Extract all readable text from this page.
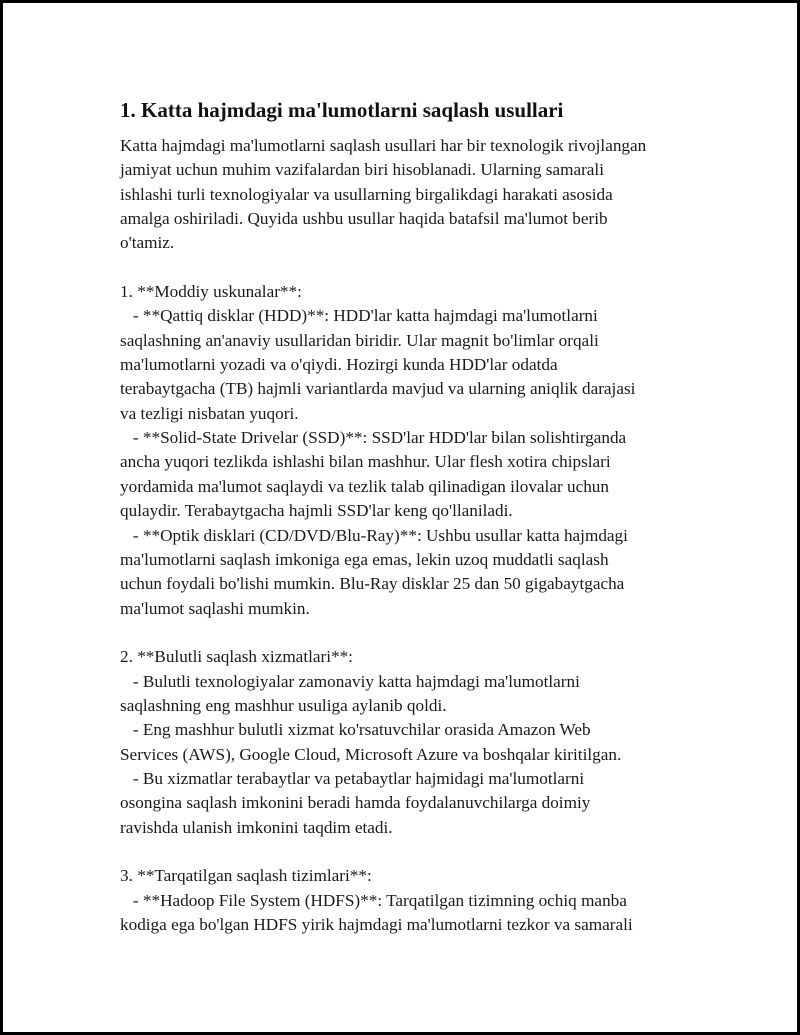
1. Katta hajmdagi ma'lumotlarni saqlash usullari
Katta hajmdagi ma'lumotlarni saqlash usullari har bir texnologik rivojlangan
jamiyat uchun muhim vazifalardan biri hisoblanadi. Ularning samarali
ishlashi turli texnologiyalar va usullarning birgalikdagi harakati asosida
amalga oshiriladi. Quyida ushbu usullar haqida batafsil ma'lumot berib
o'tamiz.
1. **Moddiy uskunalar**:
- **Qattiq disklar (HDD)**: HDD'lar katta hajmdagi ma'lumotlarni
saqlashning an'anaviy usullaridan biridir. Ular magnit bo'limlar orqali
ma'lumotlarni yozadi va o'qiydi. Hozirgi kunda HDD'lar odatda
terabaytgacha (TB) hajmli variantlarda mavjud va ularning aniqlik darajasi
va tezligi nisbatan yuqori.
- **Solid-State Drivelar (SSD)**: SSD'lar HDD'lar bilan solishtirganda
ancha yuqori tezlikda ishlashi bilan mashhur. Ular flesh xotira chipslari
yordamida ma'lumot saqlaydi va tezlik talab qilinadigan ilovalar uchun
qulaydir. Terabaytgacha hajmli SSD'lar keng qo'llaniladi.
- **Optik disklari (CD/DVD/Blu-Ray)**: Ushbu usullar katta hajmdagi
ma'lumotlarni saqlash imkoniga ega emas, lekin uzoq muddatli saqlash
uchun foydali bo'lishi mumkin. Blu-Ray disklar 25 dan 50 gigabaytgacha
ma'lumot saqlashi mumkin.
2. **Bulutli saqlash xizmatlari**:
- Bulutli texnologiyalar zamonaviy katta hajmdagi ma'lumotlarni
saqlashning eng mashhur usuliga aylanib qoldi.
- Eng mashhur bulutli xizmat ko'rsatuvchilar orasida Amazon Web
Services (AWS), Google Cloud, Microsoft Azure va boshqalar kiritilgan.
- Bu xizmatlar terabaytlar va petabaytlar hajmidagi ma'lumotlarni
osongina saqlash imkonini beradi hamda foydalanuvchilarga doimiy
ravishda ulanish imkonini taqdim etadi.
3. **Tarqatilgan saqlash tizimlari**:
- **Hadoop File System (HDFS)**: Tarqatilgan tizimning ochiq manba
kodiga ega bo'lgan HDFS yirik hajmdagi ma'lumotlarni tezkor va samarali
